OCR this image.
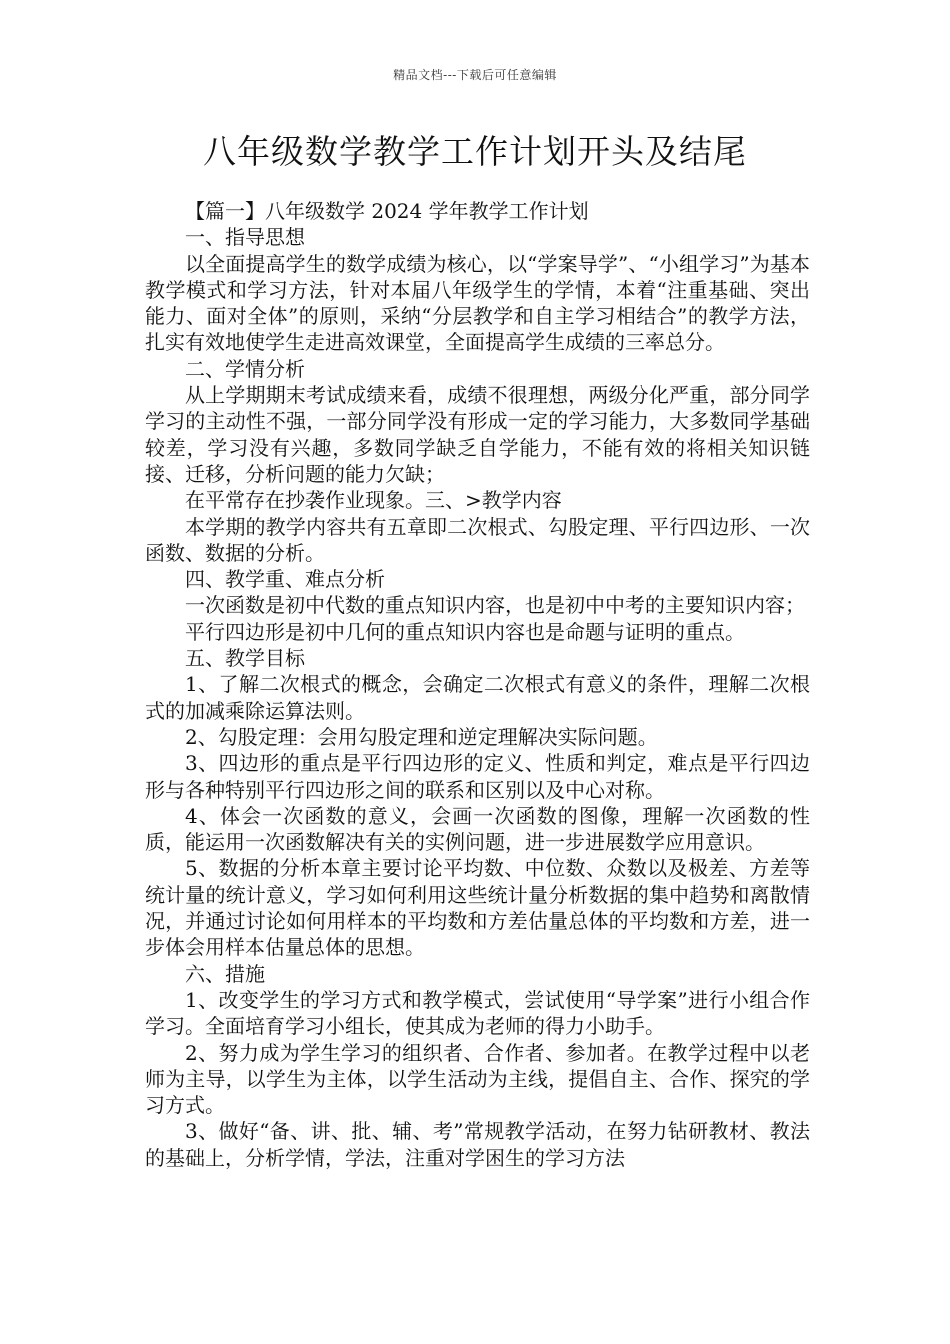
精品文档---下载后可任意编辑
八年级数学教学工作计划开头及结尾

【篇一】八年级数学 2024 学年教学工作计划

一、指导思想

以全面提高学生的数学成绩为核心，以“学案导学”、“小组学习”为基本教学模式和学习方法，针对本届八年级学生的学情，本着“注重基础、突出能力、面对全体”的原则，采纳“分层教学和自主学习相结合”的教学方法，扎实有效地使学生走进高效课堂，全面提高学生成绩的三率总分。

二、学情分析

从上学期期末考试成绩来看，成绩不很理想，两级分化严重，部分同学学习的主动性不强，一部分同学没有形成一定的学习能力，大多数同学基础较差，学习没有兴趣，多数同学缺乏自学能力，不能有效的将相关知识链接、迁移，分析问题的能力欠缺；

在平常存在抄袭作业现象。三、>教学内容

本学期的教学内容共有五章即二次根式、勾股定理、平行四边形、一次函数、数据的分析。

四、教学重、难点分析

一次函数是初中代数的重点知识内容，也是初中中考的主要知识内容；

平行四边形是初中几何的重点知识内容也是命题与证明的重点。

五、教学目标

1、了解二次根式的概念，会确定二次根式有意义的条件，理解二次根式的加减乘除运算法则。

2、勾股定理：会用勾股定理和逆定理解决实际问题。

3、四边形的重点是平行四边形的定义、性质和判定，难点是平行四边形与各种特别平行四边形之间的联系和区别以及中心对称。

4、体会一次函数的意义，会画一次函数的图像，理解一次函数的性质，能运用一次函数解决有关的实例问题，进一步进展数学应用意识。

5、数据的分析本章主要讨论平均数、中位数、众数以及极差、方差等统计量的统计意义，学习如何利用这些统计量分析数据的集中趋势和离散情况，并通过讨论如何用样本的平均数和方差估量总体的平均数和方差，进一步体会用样本估量总体的思想。

六、措施

1、改变学生的学习方式和教学模式，尝试使用“导学案”进行小组合作学习。全面培育学习小组长，使其成为老师的得力小助手。

2、努力成为学生学习的组织者、合作者、参加者。在教学过程中以老师为主导，以学生为主体，以学生活动为主线，提倡自主、合作、探究的学习方式。

3、做好“备、讲、批、辅、考”常规教学活动，在努力钻研教材、教法的基础上，分析学情，学法，注重对学困生的学习方法
